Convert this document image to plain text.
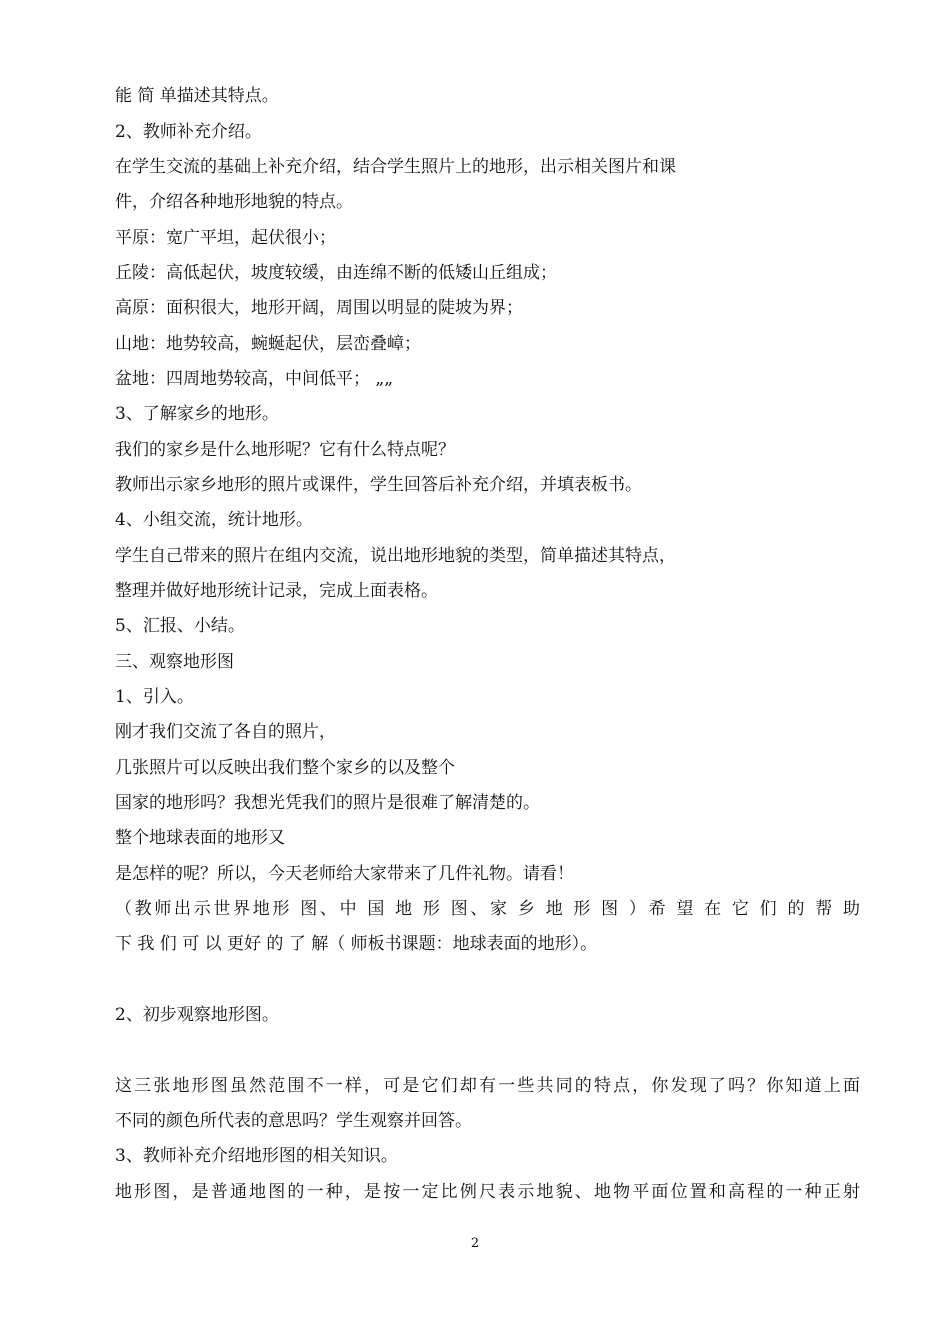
能 简 单描述其特点。
2、教师补充介绍。
在学生交流的基础上补充介绍，结合学生照片上的地形，出示相关图片和课
件，介绍各种地形地貌的特点。
平原：宽广平坦，起伏很小；
丘陵：高低起伏，坡度较缓，由连绵不断的低矮山丘组成；
高原：面积很大，地形开阔，周围以明显的陡坡为界；
山地：地势较高，蜿蜒起伏，层峦叠嶂；
盆地：四周地势较高，中间低平； „„
3、了解家乡的地形。
我们的家乡是什么地形呢？它有什么特点呢？
教师出示家乡地形的照片或课件，学生回答后补充介绍，并填表板书。
4、小组交流，统计地形。
学生自己带来的照片在组内交流，说出地形地貌的类型，简单描述其特点，
整理并做好地形统计记录，完成上面表格。
5、汇报、小结。
三、观察地形图
1、引入。
刚才我们交流了各自的照片，
几张照片可以反映出我们整个家乡的以及整个
国家的地形吗？我想光凭我们的照片是很难了解清楚的。
整个地球表面的地形又
是怎样的呢？所以，今天老师给大家带来了几件礼物。请看！
（教师出示世界地形 图、中 国 地 形 图、家 乡 地 形 图 ）希 望 在 它 们 的 帮 助
下 我 们 可 以 更好 的 了 解（ 师板书课题：地球表面的地形）。
2、初步观察地形图。
这三张地形图虽然范围不一样，可是它们却有一些共同的特点，你发现了吗？你知道上面
不同的颜色所代表的意思吗？学生观察并回答。
3、教师补充介绍地形图的相关知识。
地形图，是普通地图的一种，是按一定比例尺表示地貌、地物平面位置和高程的一种正射
2
